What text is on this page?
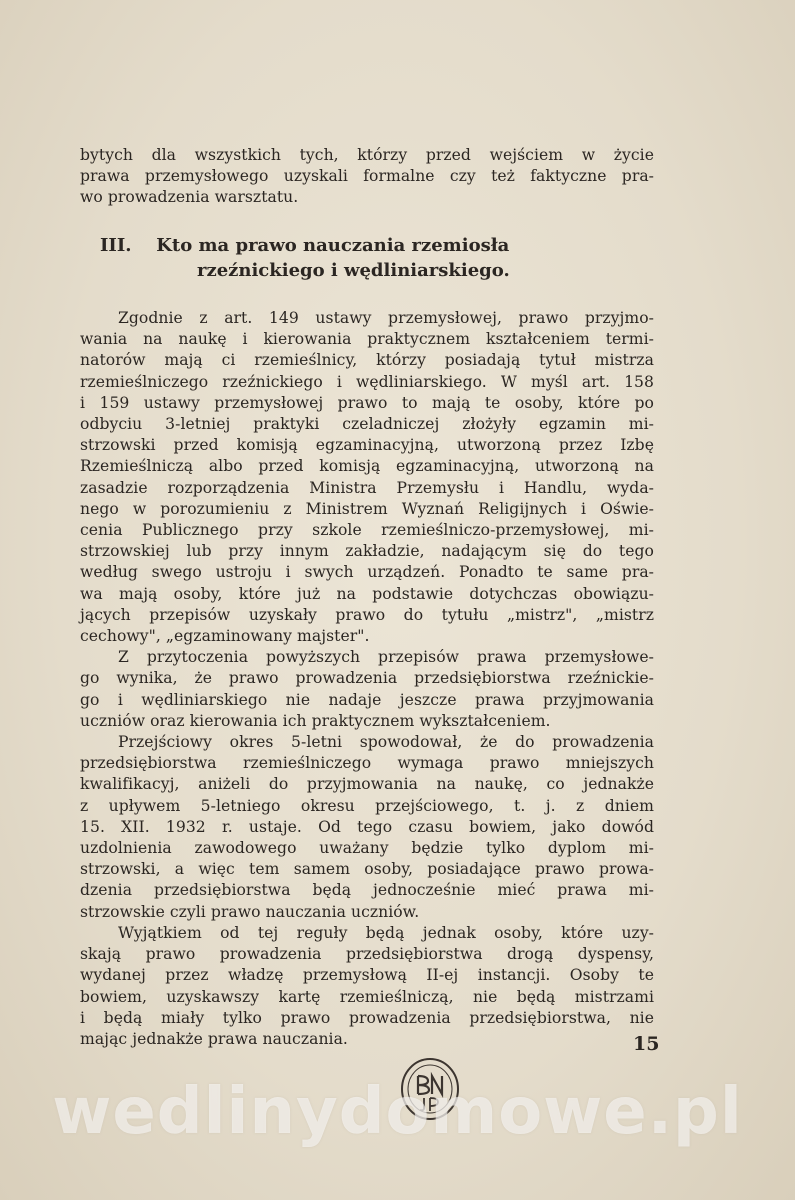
bytych dla wszystkich tych, którzy przed wejściem w życie
prawa przemysłowego uzyskali formalne czy też faktyczne pra-
wo prowadzenia warsztatu.
III. Kto ma prawo nauczania rzemiosła
rzeźnickiego i wędliniarskiego.
Zgodnie z art. 149 ustawy przemysłowej, prawo przyjmo-
wania na naukę i kierowania praktycznem kształceniem termi-
natorów mają ci rzemieślnicy, którzy posiadają tytuł mistrza
rzemieślniczego rzeźnickiego i wędliniarskiego. W myśl art. 158
i 159 ustawy przemysłowej prawo to mają te osoby, które po
odbyciu 3-letniej praktyki czeladniczej złożyły egzamin mi-
strzowski przed komisją egzaminacyjną, utworzoną przez Izbę
Rzemieślniczą albo przed komisją egzaminacyjną, utworzoną na
zasadzie rozporządzenia Ministra Przemysłu i Handlu, wyda-
nego w porozumieniu z Ministrem Wyznań Religijnych i Oświe-
cenia Publicznego przy szkole rzemieślniczo-przemysłowej, mi-
strzowskiej lub przy innym zakładzie, nadającym się do tego
według swego ustroju i swych urządzeń. Ponadto te same pra-
wa mają osoby, które już na podstawie dotychczas obowiązu-
jących przepisów uzyskały prawo do tytułu „mistrz", „mistrz
cechowy", „egzaminowany majster".
Z przytoczenia powyższych przepisów prawa przemysłowe-
go wynika, że prawo prowadzenia przedsiębiorstwa rzeźnickie-
go i wędliniarskiego nie nadaje jeszcze prawa przyjmowania
uczniów oraz kierowania ich praktycznem wykształceniem.
Przejściowy okres 5-letni spowodował, że do prowadzenia
przedsiębiorstwa rzemieślniczego wymaga prawo mniejszych
kwalifikacyj, aniżeli do przyjmowania na naukę, co jednakże
z upływem 5-letniego okresu przejściowego, t. j. z dniem
15. XII. 1932 r. ustaje. Od tego czasu bowiem, jako dowód
uzdolnienia zawodowego uważany będzie tylko dyplom mi-
strzowski, a więc tem samem osoby, posiadające prawo prowa-
dzenia przedsiębiorstwa będą jednocześnie mieć prawa mi-
strzowskie czyli prawo nauczania uczniów.
Wyjątkiem od tej reguły będą jednak osoby, które uzy-
skają prawo prowadzenia przedsiębiorstwa drogą dyspensy,
wydanej przez władzę przemysłową II-ej instancji. Osoby te
bowiem, uzyskawszy kartę rzemieślniczą, nie będą mistrzami
i będą miały tylko prawo prowadzenia przedsiębiorstwa, nie
mając jednakże prawa nauczania.	15
wedlinydomowe.pl
